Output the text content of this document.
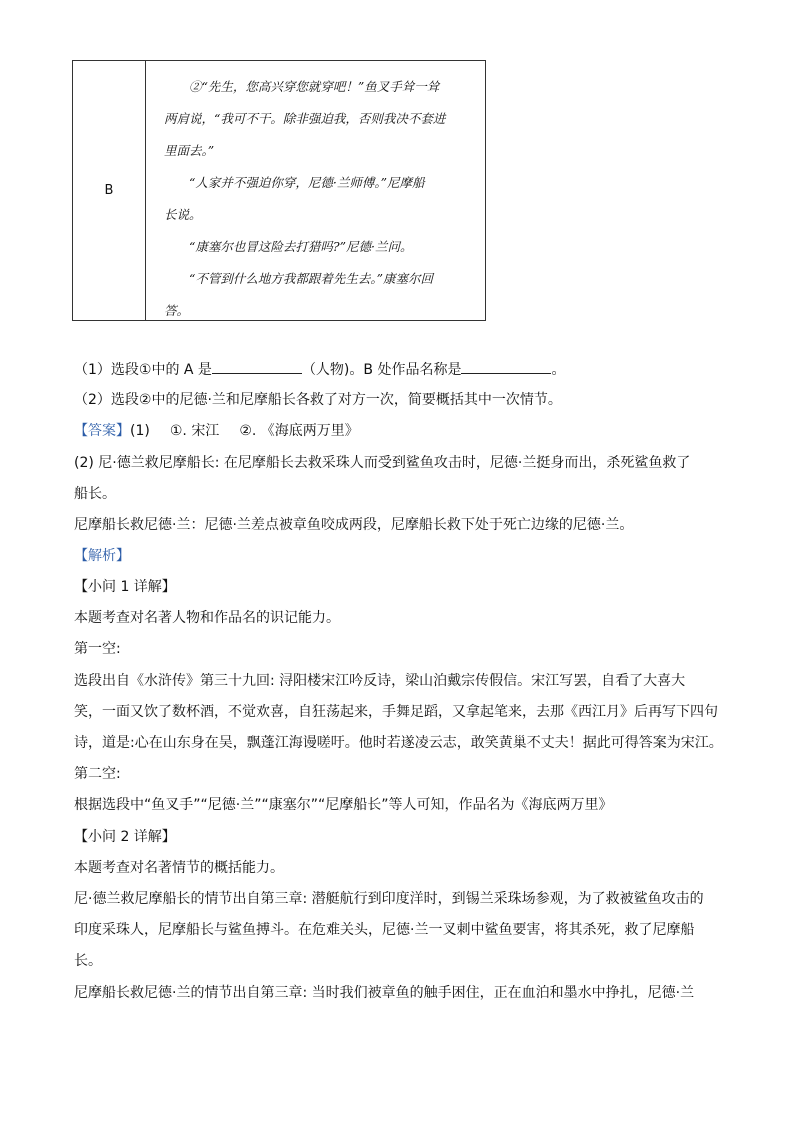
B

②“先生，您高兴穿您就穿吧！”鱼叉手耸一耸

两肩说，“我可不干。除非强迫我，否则我决不套进

里面去。”

“人家并不强迫你穿，尼德·兰师傅。”尼摩船

长说。

“康塞尔也冒这险去打猎吗?”尼德·兰问。

“不管到什么地方我都跟着先生去。”康塞尔回

答。

（1）选段①中的 A 是	（人物)。B 处作品名称是	。
（2）选段②中的尼德·兰和尼摩船长各救了对方一次，简要概括其中一次情节。
【答案】(1) ①. 宋江 ②. 《海底两万里》
(2) 尼·德兰救尼摩船长: 在尼摩船长去救采珠人而受到鲨鱼攻击时，尼德·兰挺身而出，杀死鲨鱼救了
船长。
尼摩船长救尼德·兰：尼德·兰差点被章鱼咬成两段，尼摩船长救下处于死亡边缘的尼德·兰。
【解析】
【小问 1 详解】
本题考查对名著人物和作品名的识记能力。
第一空:
选段出自《水浒传》第三十九回: 浔阳楼宋江吟反诗，梁山泊戴宗传假信。宋江写罢，自看了大喜大
笑，一面又饮了数杯酒，不觉欢喜，自狂荡起来，手舞足蹈，又拿起笔来，去那《西江月》后再写下四句
诗，道是:心在山东身在吴，飘蓬江海谩嗟吁。他时若遂凌云志，敢笑黄巢不丈夫！据此可得答案为宋江。
第二空:
根据选段中“鱼叉手”“尼德·兰”“康塞尔”“尼摩船长”等人可知，作品名为《海底两万里》
【小问 2 详解】
本题考查对名著情节的概括能力。
尼·德兰救尼摩船长的情节出自第三章: 潜艇航行到印度洋时，到锡兰采珠场参观，为了救被鲨鱼攻击的
印度采珠人，尼摩船长与鲨鱼搏斗。在危难关头，尼德·兰一叉刺中鲨鱼要害，将其杀死，救了尼摩船
长。
尼摩船长救尼德·兰的情节出自第三章: 当时我们被章鱼的触手困住，正在血泊和墨水中挣扎，尼德·兰
